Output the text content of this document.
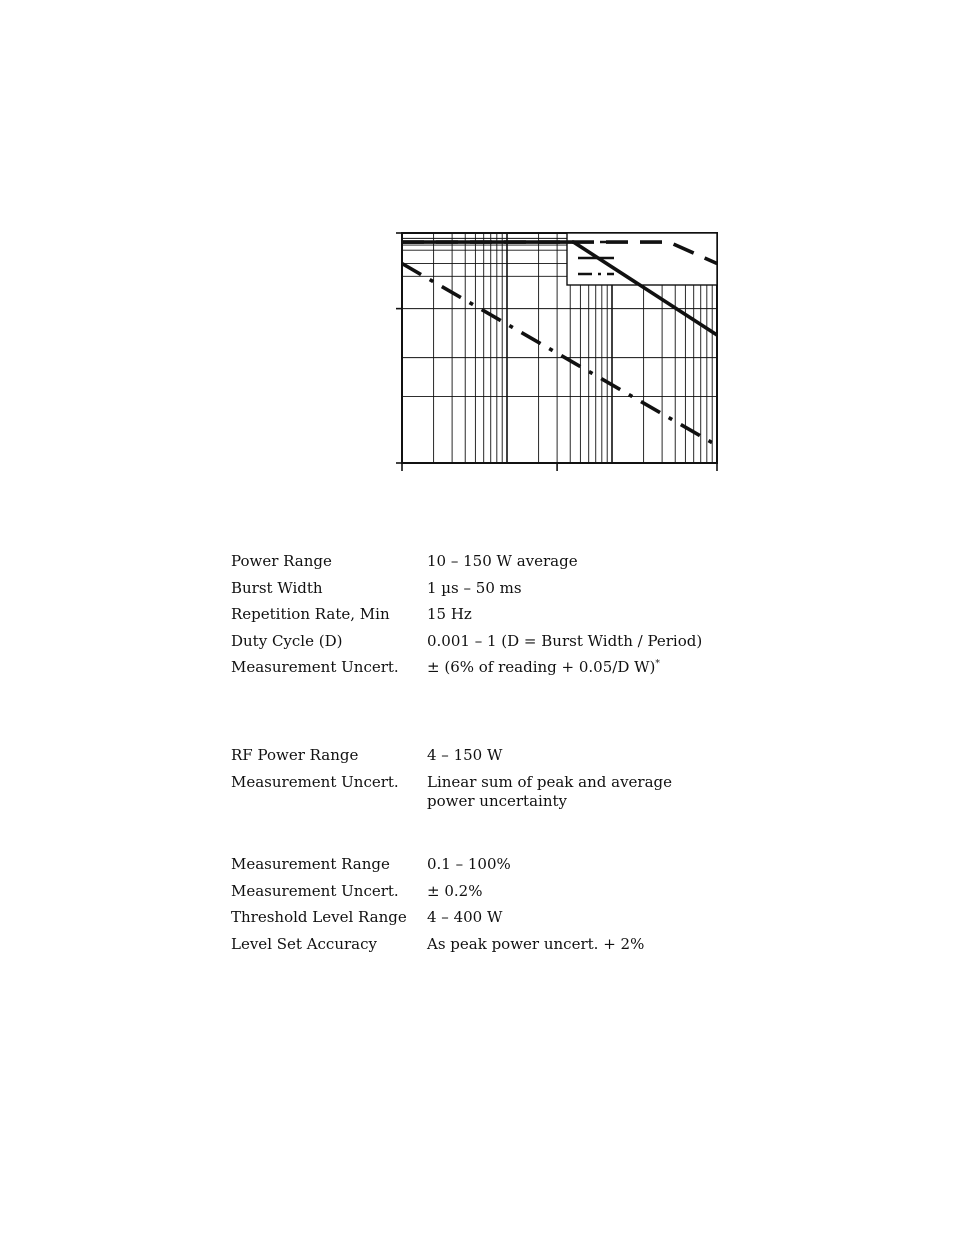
Power Range	10 – 150 W average
Burst Width	1 µs – 50 ms
Repetition Rate, Min	15 Hz
Duty Cycle (D)	0.001 – 1 (D = Burst Width / Period)
Measurement Uncert.	± (6% of reading + 0.05/D W)*
RF Power Range	4 – 150 W
Measurement Uncert.	Linear sum of peak and average power uncertainty
Measurement Range	0.1 – 100%
Measurement Uncert.	± 0.2%
Threshold Level Range	4 – 400 W
Level Set Accuracy	As peak power uncert. + 2%
